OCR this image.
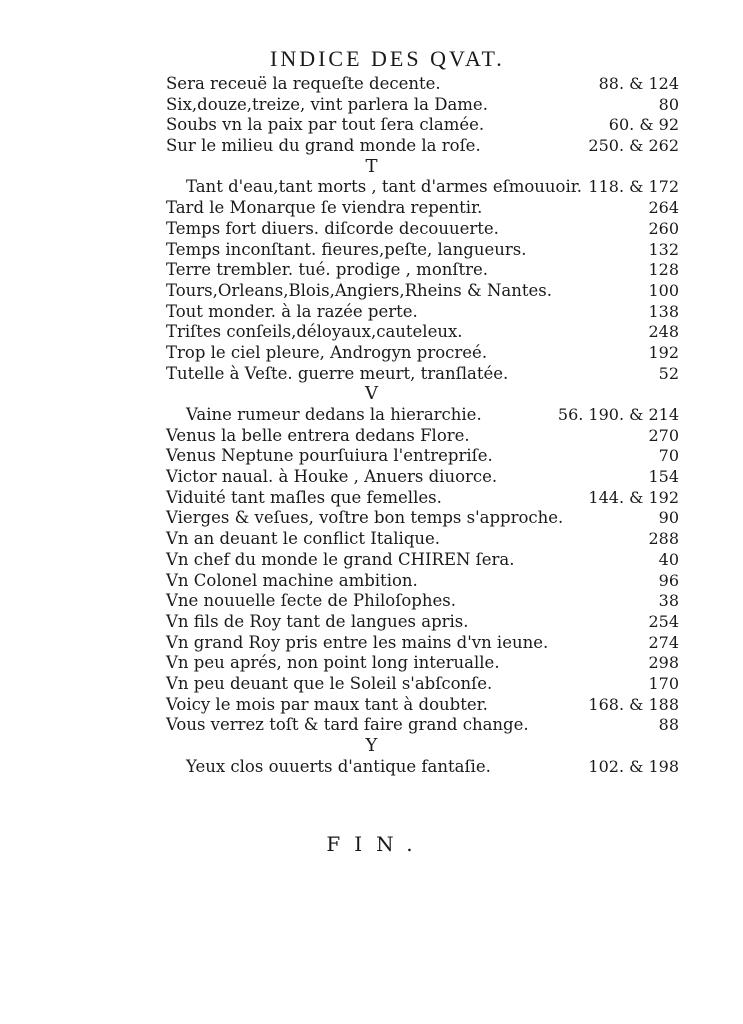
INDICE DES QVAT.
Sera receuë la requeſte decente.	88. & 124
Six,douze,treize, vint parlera la Dame.	80
Soubs vn la paix par tout ſera clamée.	60. & 92
Sur le milieu du grand monde la roſe.	250. & 262
T
Tant d'eau,tant morts , tant d'armes eſmouuoir. 118. & 172
Tard le Monarque ſe viendra repentir.	264
Temps fort diuers. diſcorde decouuerte.	260
Temps inconſtant. fieures,peſte, langueurs.	132
Terre trembler. tué. prodige , monſtre.	128
Tours,Orleans,Blois,Angiers,Rheins & Nantes.	100
Tout monder. à la razée perte.	138
Triſtes conſeils,déloyaux,cauteleux.	248
Trop le ciel pleure, Androgyn procreé.	192
Tutelle à Veſte. guerre meurt, tranſlatée.	52
V
Vaine rumeur dedans la hierarchie.	56. 190. & 214
Venus la belle entrera dedans Flore.	270
Venus Neptune pourſuiura l'entrepriſe.	70
Victor naual. à Houke , Anuers diuorce.	154
Viduité tant maſles que femelles.	144. & 192
Vierges & veſues, voſtre bon temps s'approche.	90
Vn an deuant le conflict Italique.	288
Vn chef du monde le grand CHIREN ſera.	40
Vn Colonel machine ambition.	96
Vne nouuelle ſecte de Philoſophes.	38
Vn fils de Roy tant de langues apris.	254
Vn grand Roy pris entre les mains d'vn ieune.	274
Vn peu aprés, non point long interualle.	298
Vn peu deuant que le Soleil s'abſconſe.	170
Voicy le mois par maux tant à doubter.	168. & 188
Vous verrez toſt & tard faire grand change.	88
Y
Yeux clos ouuerts d'antique fantaſie.	102. & 198
FIN.
